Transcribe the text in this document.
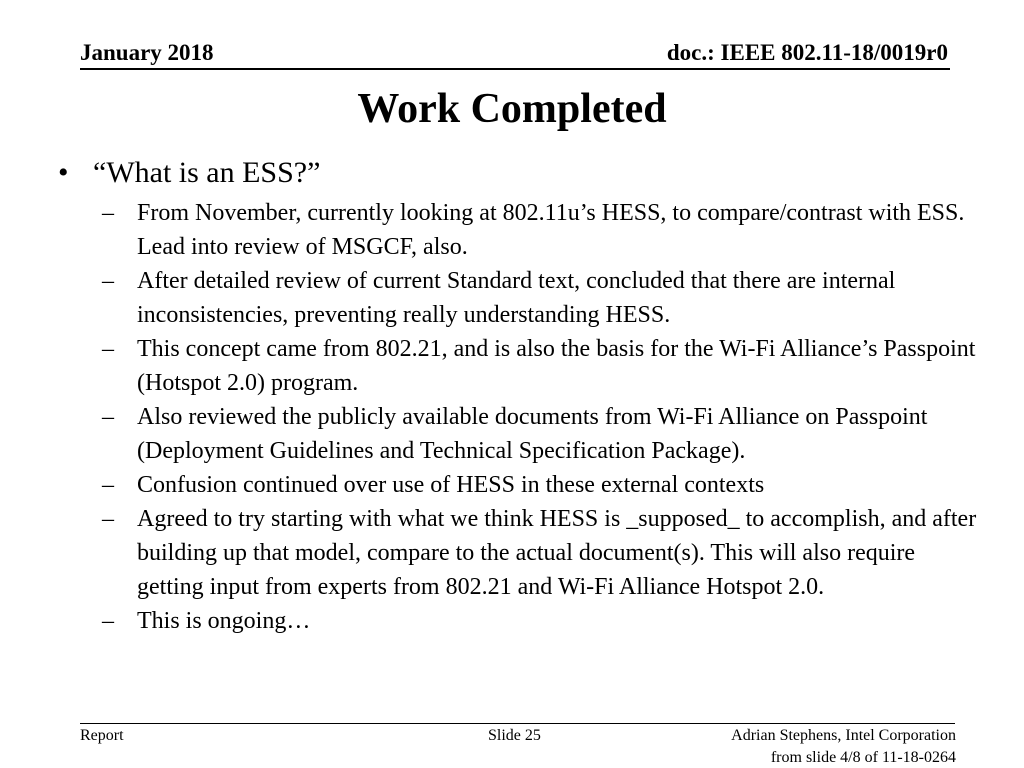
January 2018	doc.: IEEE 802.11-18/0019r0
Work Completed
• “What is an ESS?”
– From November, currently looking at 802.11u’s HESS, to compare/contrast with ESS. Lead into review of MSGCF, also.
– After detailed review of current Standard text, concluded that there are internal inconsistencies, preventing really understanding HESS.
– This concept came from 802.21, and is also the basis for the Wi-Fi Alliance’s Passpoint (Hotspot 2.0) program.
– Also reviewed the publicly available documents from Wi-Fi Alliance on Passpoint (Deployment Guidelines and Technical Specification Package).
– Confusion continued over use of HESS in these external contexts
– Agreed to try starting with what we think HESS is _supposed_ to accomplish, and after building up that model, compare to the actual document(s). This will also require getting input from experts from 802.21 and Wi-Fi Alliance Hotspot 2.0.
– This is ongoing…
Report	Slide 25	Adrian Stephens, Intel Corporation
from slide 4/8 of 11-18-0264
